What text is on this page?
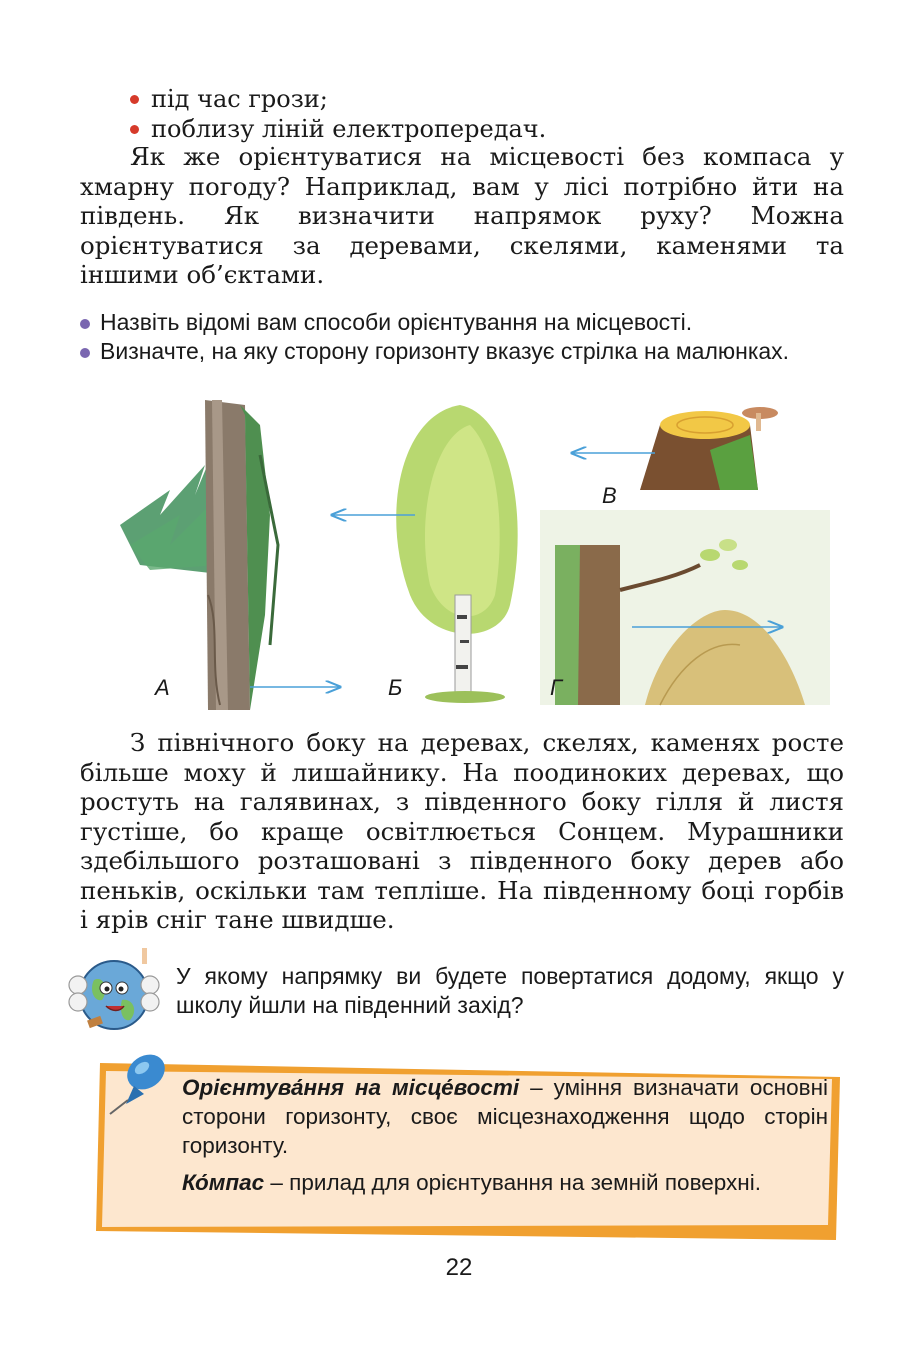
під час грози;
поблизу ліній електропередач.

Як же орієнтуватися на місцевості без компаса у хмарну погоду? Наприклад, вам у лісі потрібно йти на південь. Як визначити напрямок руху? Можна орієнтуватися за деревами, скелями, каменями та іншими об’єктами.

Назвіть відомі вам способи орієнтування на місцевості.
Визначте, на яку сторону горизонту вказує стрілка на малюнках.
А	Б
В
Г

З північного боку на деревах, скелях, каменях росте більше моху й лишайнику. На поодиноких деревах, що ростуть на галявинах, з південного боку гілля й листя густіше, бо краще освітлюється Сонцем. Мурашники здебільшого розташовані з південного боку дерев або пеньків, оскільки там тепліше. На південному боці горбів і ярів сніг тане швидше.

У якому напрямку ви будете повертатися додому, якщо у школу йшли на південний захід?

Орієнтува́ння на місце́вості – уміння визначати основні сторони горизонту, своє місцезнаходження щодо сторін горизонту.

Ко́мпас – прилад для орієнтування на земній поверхні.

22
